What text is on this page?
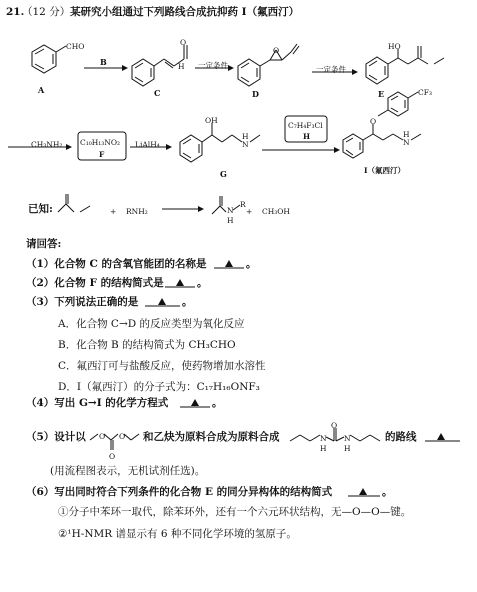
21.
（12 分） 某研究小组通过下列路线合成抗抑药 I（氟西汀）
A	C	D	E
G	I（氟西汀）
B	一定条件	一定条件
CH₃NH₂ C₁₀H₁₃NO₂
F
LiAlH₄
C₇H₄F₃Cl
H
CHO
H
O
O	HO
OH
CF₃
O
H
N	N
H
已知:	+ RNH₂	+ CH₃OH
N
R
H
请回答:
（1）化合物 C 的含氧官能团的名称是	。
（2）化合物 F 的结构简式是	。
（3）下列说法正确的是	。
A．化合物 C→D 的反应类型为氧化反应
B．化合物 B 的结构简式为 CH₃CHO
C．氟西汀可与盐酸反应，使药物增加水溶性
D．I（氟西汀）的分子式为：C₁₇H₁₆ONF₃
（4）写出 G→I 的化学方程式	。
（5）设计以 O O
O
和乙炔为原料合成为原料合成	N N
H H
O
的路线
(用流程图表示，无机试剂任选)。
（6）写出同时符合下列条件的化合物 E 的同分异构体的结构简式	。
①分子中苯环一取代，除苯环外，还有一个六元环状结构，无—O—O—键。
②¹H-NMR 谱显示有 6 种不同化学环境的氢原子。
